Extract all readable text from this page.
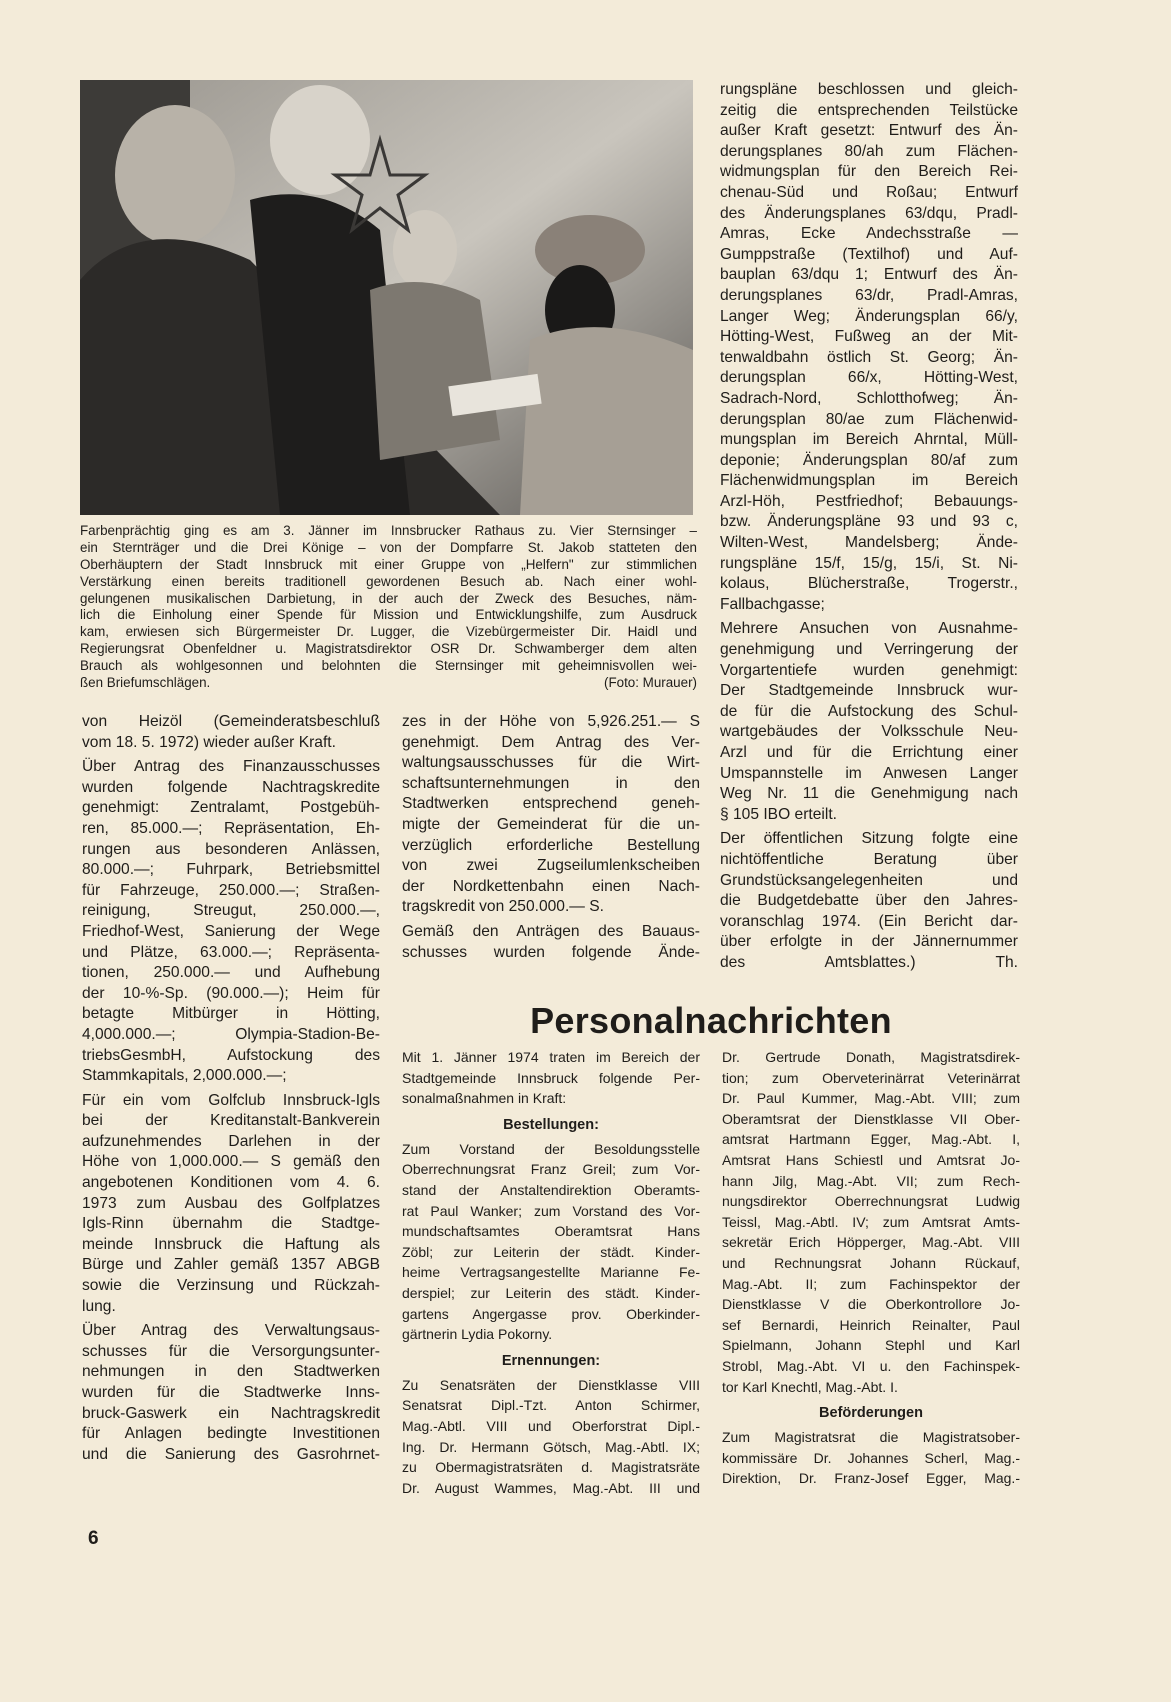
Farbenprächtig ging es am 3. Jänner im Innsbrucker Rathaus zu. Vier Sternsinger –
ein Sternträger und die Drei Könige – von der Dompfarre St. Jakob statteten den
Oberhäuptern der Stadt Innsbruck mit einer Gruppe von „Helfern" zur stimmlichen
Verstärkung einen bereits traditionell gewordenen Besuch ab. Nach einer wohl-
gelungenen musikalischen Darbietung, in der auch der Zweck des Besuches, näm-
lich die Einholung einer Spende für Mission und Entwicklungshilfe, zum Ausdruck
kam, erwiesen sich Bürgermeister Dr. Lugger, die Vizebürgermeister Dir. Haidl und
Regierungsrat Obenfeldner u. Magistratsdirektor OSR Dr. Schwamberger dem alten
Brauch als wohlgesonnen und belohnten die Sternsinger mit geheimnisvollen wei-
ßen Briefumschlägen.	(Foto: Murauer)
von Heizöl (Gemeinderatsbeschluß
vom 18. 5. 1972) wieder außer Kraft.
Über Antrag des Finanzausschusses
wurden folgende Nachtragskredite
genehmigt: Zentralamt, Postgebüh-
ren, 85.000.—; Repräsentation, Eh-
rungen aus besonderen Anlässen,
80.000.—; Fuhrpark, Betriebsmittel
für Fahrzeuge, 250.000.—; Straßen-
reinigung, Streugut, 250.000.—,
Friedhof-West, Sanierung der Wege
und Plätze, 63.000.—; Repräsenta-
tionen, 250.000.— und Aufhebung
der 10-%-Sp. (90.000.—); Heim für
betagte Mitbürger in Hötting,
4,000.000.—; Olympia-Stadion-Be-
triebsGesmbH, Aufstockung des
Stammkapitals, 2,000.000.—;
Für ein vom Golfclub Innsbruck-Igls
bei der Kreditanstalt-Bankverein
aufzunehmendes Darlehen in der
Höhe von 1,000.000.— S gemäß den
angebotenen Konditionen vom 4. 6.
1973 zum Ausbau des Golfplatzes
Igls-Rinn übernahm die Stadtge-
meinde Innsbruck die Haftung als
Bürge und Zahler gemäß 1357 ABGB
sowie die Verzinsung und Rückzah-
lung.
Über Antrag des Verwaltungsaus-
schusses für die Versorgungsunter-
nehmungen in den Stadtwerken
wurden für die Stadtwerke Inns-
bruck-Gaswerk ein Nachtragskredit
für Anlagen bedingte Investitionen
und die Sanierung des Gasrohrnet-
zes in der Höhe von 5,926.251.— S
genehmigt. Dem Antrag des Ver-
waltungsausschusses für die Wirt-
schaftsunternehmungen in den
Stadtwerken entsprechend geneh-
migte der Gemeinderat für die un-
verzüglich erforderliche Bestellung
von zwei Zugseilumlenkscheiben
der Nordkettenbahn einen Nach-
tragskredit von 250.000.— S.
Gemäß den Anträgen des Bauaus-
schusses wurden folgende Ände-
rungspläne beschlossen und gleich-
zeitig die entsprechenden Teilstücke
außer Kraft gesetzt: Entwurf des Än-
derungsplanes 80/ah zum Flächen-
widmungsplan für den Bereich Rei-
chenau-Süd und Roßau; Entwurf
des Änderungsplanes 63/dqu, Pradl-
Amras, Ecke Andechsstraße —
Gumppstraße (Textilhof) und Auf-
bauplan 63/dqu 1; Entwurf des Än-
derungsplanes 63/dr, Pradl-Amras,
Langer Weg; Änderungsplan 66/y,
Hötting-West, Fußweg an der Mit-
tenwaldbahn östlich St. Georg; Än-
derungsplan 66/x, Hötting-West,
Sadrach-Nord, Schlotthofweg; Än-
derungsplan 80/ae zum Flächenwid-
mungsplan im Bereich Ahrntal, Müll-
deponie; Änderungsplan 80/af zum
Flächenwidmungsplan im Bereich
Arzl-Höh, Pestfriedhof; Bebauungs-
bzw. Änderungspläne 93 und 93 c,
Wilten-West, Mandelsberg; Ände-
rungspläne 15/f, 15/g, 15/i, St. Ni-
kolaus, Blücherstraße, Trogerstr.,
Fallbachgasse;
Mehrere Ansuchen von Ausnahme-
genehmigung und Verringerung der
Vorgartentiefe wurden genehmigt:
Der Stadtgemeinde Innsbruck wur-
de für die Aufstockung des Schul-
wartgebäudes der Volksschule Neu-
Arzl und für die Errichtung einer
Umspannstelle im Anwesen Langer
Weg Nr. 11 die Genehmigung nach
§ 105 IBO erteilt.
Der öffentlichen Sitzung folgte eine
nichtöffentliche Beratung über
Grundstücksangelegenheiten und
die Budgetdebatte über den Jahres-
voranschlag 1974. (Ein Bericht dar-
über erfolgte in der Jännernummer
des Amtsblattes.) Th.
Personalnachrichten
Mit 1. Jänner 1974 traten im Bereich der
Stadtgemeinde Innsbruck folgende Per-
sonalmaßnahmen in Kraft:
Bestellungen:
Zum Vorstand der Besoldungsstelle
Oberrechnungsrat Franz Greil; zum Vor-
stand der Anstaltendirektion Oberamts-
rat Paul Wanker; zum Vorstand des Vor-
mundschaftsamtes Oberamtsrat Hans
Zöbl; zur Leiterin der städt. Kinder-
heime Vertragsangestellte Marianne Fe-
derspiel; zur Leiterin des städt. Kinder-
gartens Angergasse prov. Oberkinder-
gärtnerin Lydia Pokorny.
Ernennungen:
Zu Senatsräten der Dienstklasse VIII
Senatsrat Dipl.-Tzt. Anton Schirmer,
Mag.-Abtl. VIII und Oberforstrat Dipl.-
Ing. Dr. Hermann Götsch, Mag.-Abtl. IX;
zu Obermagistratsräten d. Magistratsräte
Dr. August Wammes, Mag.-Abt. III und
Dr. Gertrude Donath, Magistratsdirek-
tion; zum Oberveterinärrat Veterinärrat
Dr. Paul Kummer, Mag.-Abt. VIII; zum
Oberamtsrat der Dienstklasse VII Ober-
amtsrat Hartmann Egger, Mag.-Abt. I,
Amtsrat Hans Schiestl und Amtsrat Jo-
hann Jilg, Mag.-Abt. VII; zum Rech-
nungsdirektor Oberrechnungsrat Ludwig
Teissl, Mag.-Abtl. IV; zum Amtsrat Amts-
sekretär Erich Höpperger, Mag.-Abt. VIII
und Rechnungsrat Johann Rückauf,
Mag.-Abt. II; zum Fachinspektor der
Dienstklasse V die Oberkontrollore Jo-
sef Bernardi, Heinrich Reinalter, Paul
Spielmann, Johann Stephl und Karl
Strobl, Mag.-Abt. VI u. den Fachinspek-
tor Karl Knechtl, Mag.-Abt. I.
Beförderungen
Zum Magistratsrat die Magistratsober-
kommissäre Dr. Johannes Scherl, Mag.-
Direktion, Dr. Franz-Josef Egger, Mag.-
6
